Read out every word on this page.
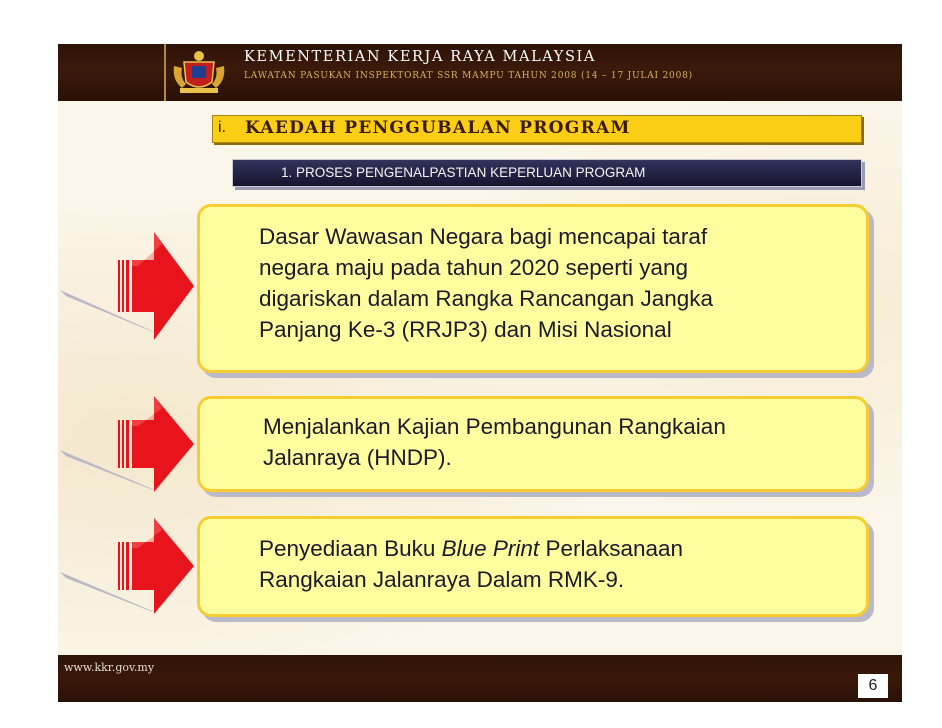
KEMENTERIAN KERJA RAYA MALAYSIA
LAWATAN PASUKAN INSPEKTORAT SSR MAMPU TAHUN 2008 (14 – 17 JULAI 2008)
i. KAEDAH PENGGUBALAN PROGRAM
1. PROSES PENGENALPASTIAN KEPERLUAN PROGRAM
Dasar Wawasan Negara bagi mencapai taraf
negara maju pada tahun 2020 seperti yang
digariskan dalam Rangka Rancangan Jangka
Panjang Ke-3 (RRJP3) dan Misi Nasional
Menjalankan Kajian Pembangunan Rangkaian
Jalanraya (HNDP).
Penyediaan Buku Blue Print Perlaksanaan
Rangkaian Jalanraya Dalam RMK-9.
www.kkr.gov.my
6
